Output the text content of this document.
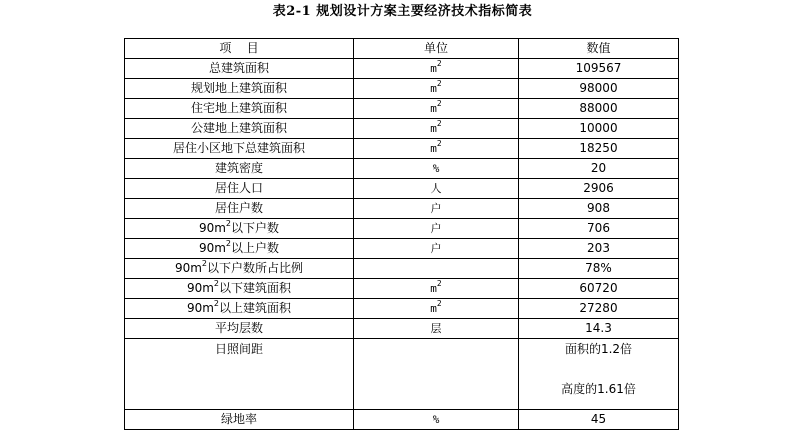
表2-1 规划设计方案主要经济技术指标简表
项    目	单位	数值
总建筑面积	$m^2$	109567
规划地上建筑面积	$m^2$	98000
住宅地上建筑面积	$m^2$	88000
公建地上建筑面积	$m^2$	10000
居住小区地下总建筑面积	$m^2$	18250
建筑密度	%	20
居住人口	人	2906
居住户数	户	908
$90m^2$以下户数	户	706
$90m^2$以上户数	户	203
$90m^2$以下户数所占比例		78%
$90m^2$以下建筑面积	$m^2$	60720
$90m^2$以上建筑面积	$m^2$	27280
平均层数	层	14.3
日照间距		面积的1.2倍
高度的1.61倍

绿地率	%	45
